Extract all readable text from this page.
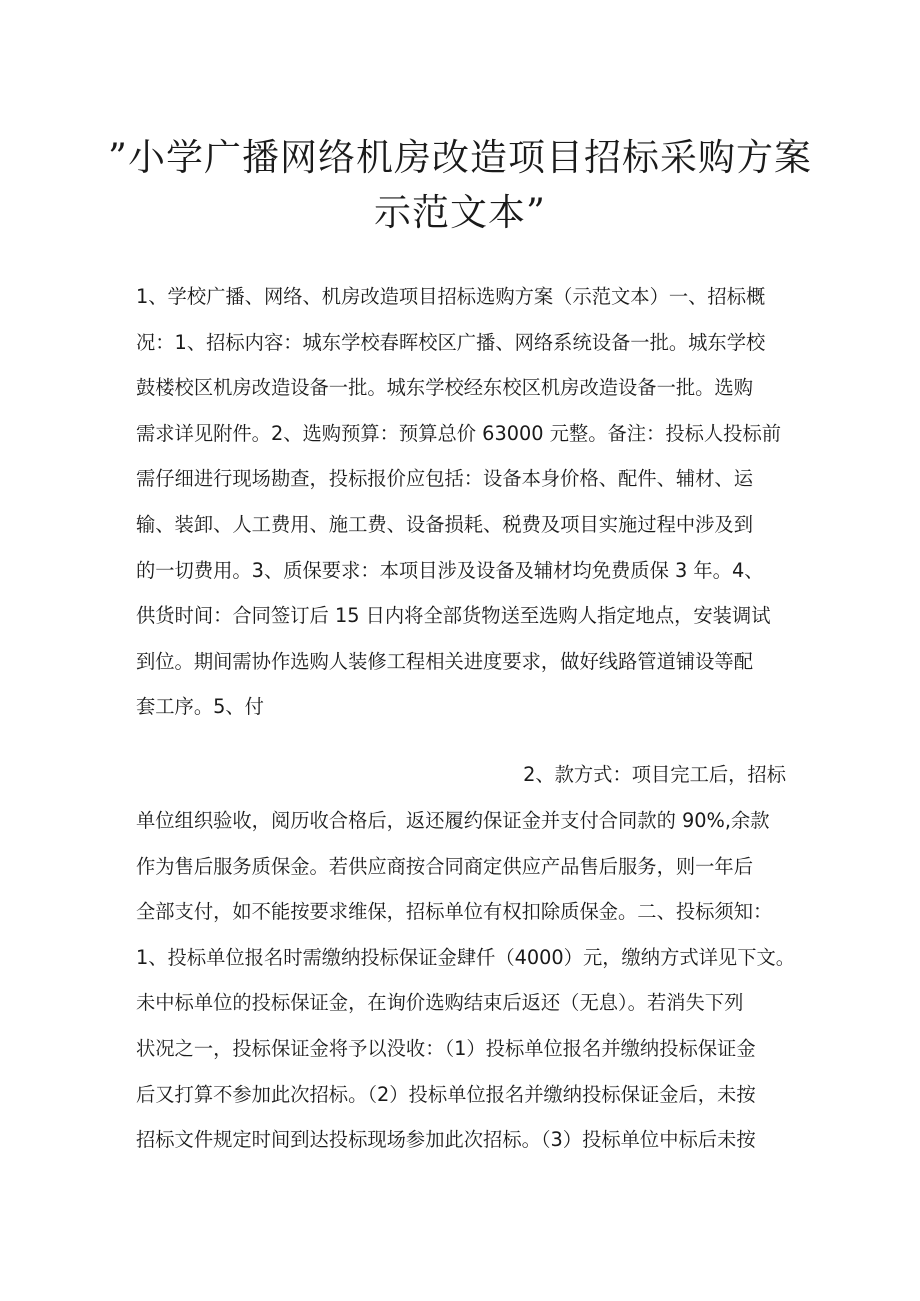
”小学广播网络机房改造项目招标采购方案
示范文本”
1、学校广播、网络、机房改造项目招标选购方案（示范文本）一、招标概
况：1、招标内容：城东学校春晖校区广播、网络系统设备一批。城东学校
鼓楼校区机房改造设备一批。城东学校经东校区机房改造设备一批。选购
需求详见附件。2、选购预算：预算总价 63000 元整。备注：投标人投标前
需仔细进行现场勘查，投标报价应包括：设备本身价格、配件、辅材、运
输、装卸、人工费用、施工费、设备损耗、税费及项目实施过程中涉及到
的一切费用。3、质保要求：本项目涉及设备及辅材均免费质保 3 年。4、
供货时间：合同签订后 15 日内将全部货物送至选购人指定地点，安装调试
到位。期间需协作选购人装修工程相关进度要求，做好线路管道铺设等配
套工序。5、付
2、款方式：项目完工后，招标
单位组织验收，阅历收合格后，返还履约保证金并支付合同款的 90%,余款
作为售后服务质保金。若供应商按合同商定供应产品售后服务，则一年后
全部支付，如不能按要求维保，招标单位有权扣除质保金。二、投标须知：
1、投标单位报名时需缴纳投标保证金肆仟（4000）元，缴纳方式详见下文。
未中标单位的投标保证金，在询价选购结束后返还（无息）。若消失下列
状况之一，投标保证金将予以没收：（1）投标单位报名并缴纳投标保证金
后又打算不参加此次招标。（2）投标单位报名并缴纳投标保证金后，未按
招标文件规定时间到达投标现场参加此次招标。（3）投标单位中标后未按
